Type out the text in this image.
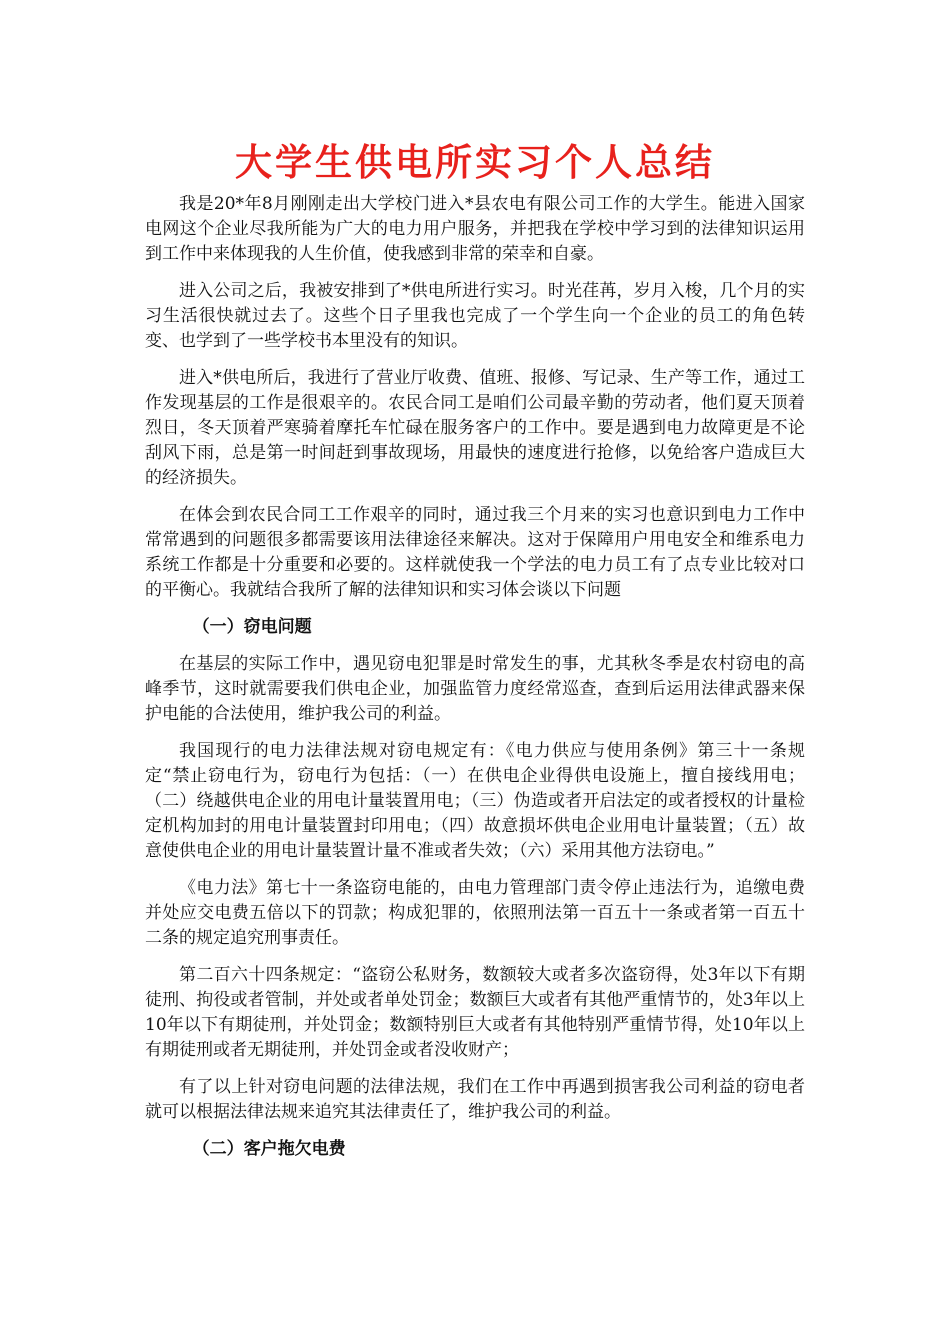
大学生供电所实习个人总结

我是20*年8月刚刚走出大学校门进入*县农电有限公司工作的大学生。能进入国家电网这个企业尽我所能为广大的电力用户服务，并把我在学校中学习到的法律知识运用到工作中来体现我的人生价值，使我感到非常的荣幸和自豪。

进入公司之后，我被安排到了*供电所进行实习。时光荏苒，岁月入梭，几个月的实习生活很快就过去了。这些个日子里我也完成了一个学生向一个企业的员工的角色转变、也学到了一些学校书本里没有的知识。

进入*供电所后，我进行了营业厅收费、值班、报修、写记录、生产等工作，通过工作发现基层的工作是很艰辛的。农民合同工是咱们公司最辛勤的劳动者，他们夏天顶着烈日，冬天顶着严寒骑着摩托车忙碌在服务客户的工作中。要是遇到电力故障更是不论刮风下雨，总是第一时间赶到事故现场，用最快的速度进行抢修，以免给客户造成巨大的经济损失。

在体会到农民合同工工作艰辛的同时，通过我三个月来的实习也意识到电力工作中常常遇到的问题很多都需要该用法律途径来解决。这对于保障用户用电安全和维系电力系统工作都是十分重要和必要的。这样就使我一个学法的电力员工有了点专业比较对口的平衡心。我就结合我所了解的法律知识和实习体会谈以下问题

（一）窃电问题

在基层的实际工作中，遇见窃电犯罪是时常发生的事，尤其秋冬季是农村窃电的高峰季节，这时就需要我们供电企业，加强监管力度经常巡查，查到后运用法律武器来保护电能的合法使用，维护我公司的利益。

我国现行的电力法律法规对窃电规定有：《电力供应与使用条例》第三十一条规定“禁止窃电行为，窃电行为包括：（一）在供电企业得供电设施上，擅自接线用电；（二）绕越供电企业的用电计量装置用电；（三）伪造或者开启法定的或者授权的计量检定机构加封的用电计量装置封印用电；（四）故意损坏供电企业用电计量装置；（五）故意使供电企业的用电计量装置计量不准或者失效；（六）采用其他方法窃电。”

《电力法》第七十一条盗窃电能的，由电力管理部门责令停止违法行为，追缴电费并处应交电费五倍以下的罚款；构成犯罪的，依照刑法第一百五十一条或者第一百五十二条的规定追究刑事责任。

第二百六十四条规定：“盗窃公私财务，数额较大或者多次盗窃得，处3年以下有期徒刑、拘役或者管制，并处或者单处罚金；数额巨大或者有其他严重情节的，处3年以上10年以下有期徒刑，并处罚金；数额特别巨大或者有其他特别严重情节得，处10年以上有期徒刑或者无期徒刑，并处罚金或者没收财产；

有了以上针对窃电问题的法律法规，我们在工作中再遇到损害我公司利益的窃电者就可以根据法律法规来追究其法律责任了，维护我公司的利益。

（二）客户拖欠电费
